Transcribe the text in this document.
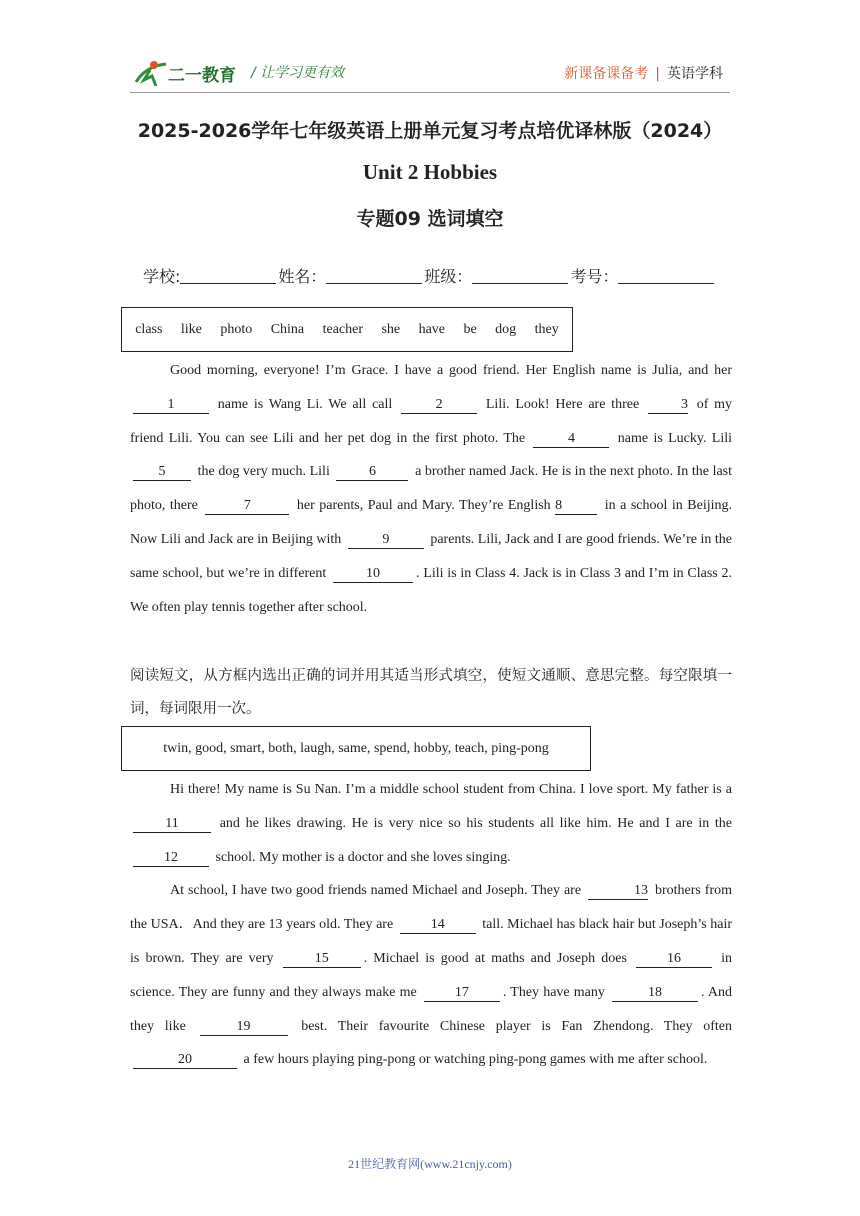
二一教育 / 让学习更有效	新课备课备考 | 英语学科
2025-2026学年七年级英语上册单元复习考点培优译林版（2024）
Unit 2 Hobbies
专题09 选词填空
学校:	姓名：	班级：	考号：
class like photo China teacher she have be dog they

Good morning, everyone! I’m Grace. I have a good friend. Her English name is Julia, and her 1	name is Wang Li. We all call	2	Lili. Look! Here are three	3 of my friend Lili. You can see Lili and her pet dog in the first photo. The	4	name is Lucky. Lili 5 the dog very much. Lili	6	a brother named Jack. He is in the next photo. In the last photo, there	7	her parents, Paul and Mary. They’re English 8	in a school in Beijing. Now Lili and Jack are in Beijing with	9	parents. Lili, Jack and I are good friends. We’re in the same school, but we’re in different	10	. Lili is in Class 4. Jack is in Class 3 and I’m in Class 2. We often play tennis together after school.

阅读短文，从方框内选出正确的词并用其适当形式填空，使短文通顺、意思完整。每空限填一词，每词限用一次。
twin, good, smart, both, laugh, same, spend, hobby, teach, ping-pong

Hi there! My name is Su Nan. I’m a middle school student from China. I love sport. My father is a 11	and he likes drawing. He is very nice so his students all like him. He and I are in the 12	school. My mother is a doctor and she loves singing.

At school, I have two good friends named Michael and Joseph. They are	13 brothers from the USA．And they are 13 years old. They are	14	tall. Michael has black hair but Joseph’s hair is brown. They are very	15	. Michael is good at maths and Joseph does	16	in science. They are funny and they always make me	17 . They have many	18	. And they like	19	best. Their favourite Chinese player is Fan Zhendong. They often 20	a few hours playing ping-pong or watching ping-pong games with me after school.

21世纪教育网(www.21cnjy.com)
